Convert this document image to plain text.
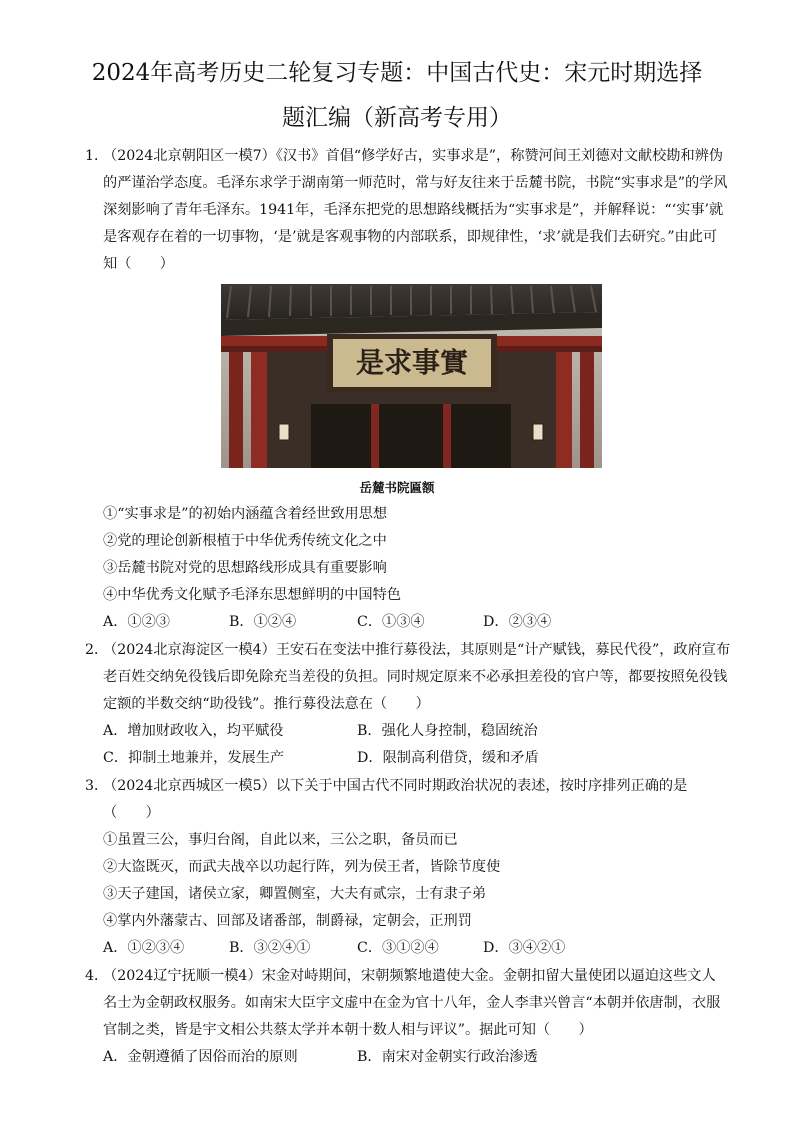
2024年高考历史二轮复习专题：中国古代史：宋元时期选择
题汇编（新高考专用）
1．
（2024北京朝阳区一模7）《汉书》首倡“修学好古，实事求是”，称赞河间王刘德对文献校勘和辨伪
的严谨治学态度。毛泽东求学于湖南第一师范时，常与好友往来于岳麓书院，书院“实事求是”的学风
深刻影响了青年毛泽东。1941年，毛泽东把党的思想路线概括为“实事求是”，并解释说：“‘实事’就
是客观存在着的一切事物，‘是’就是客观事物的内部联系，即规律性，‘求’就是我们去研究。”由此可
知（　　）
是求事實
岳麓书院匾额
①“实事求是”的初始内涵蕴含着经世致用思想
②党的理论创新根植于中华优秀传统文化之中
③岳麓书院对党的思想路线形成具有重要影响
④中华优秀文化赋予毛泽东思想鲜明的中国特色
A．①②③	B．①②④	C．①③④	D．②③④
2．
（2024北京海淀区一模4）王安石在变法中推行募役法，其原则是“计产赋钱，募民代役”，政府宣布
老百姓交纳免役钱后即免除充当差役的负担。同时规定原来不必承担差役的官户等，都要按照免役钱
定额的半数交纳“助役钱”。推行募役法意在（　　）
A．增加财政收入，均平赋役	B．强化人身控制，稳固统治
C．抑制土地兼并，发展生产	D．限制高利借贷，缓和矛盾
3．
（2024北京西城区一模5）以下关于中国古代不同时期政治状况的表述，按时序排列正确的是
（　　）
①虽置三公，事归台阁，自此以来，三公之职，备员而已
②大盗既灭，而武夫战卒以功起行阵，列为侯王者，皆除节度使
③天子建国，诸侯立家，卿置侧室，大夫有贰宗，士有隶子弟
④掌内外藩蒙古、回部及诸番部，制爵禄，定朝会，正刑罚
A．①②③④	B．③②④①	C．③①②④	D．③④②①
4．
（2024辽宁抚顺一模4）宋金对峙期间，宋朝频繁地遣使大金。金朝扣留大量使团以逼迫这些文人
名士为金朝政权服务。如南宋大臣宇文虚中在金为官十八年，金人李聿兴曾言“本朝并依唐制，衣服
官制之类，皆是宇文相公共蔡太学并本朝十数人相与评议”。据此可知（　　）
A．金朝遵循了因俗而治的原则	B．南宋对金朝实行政治渗透
